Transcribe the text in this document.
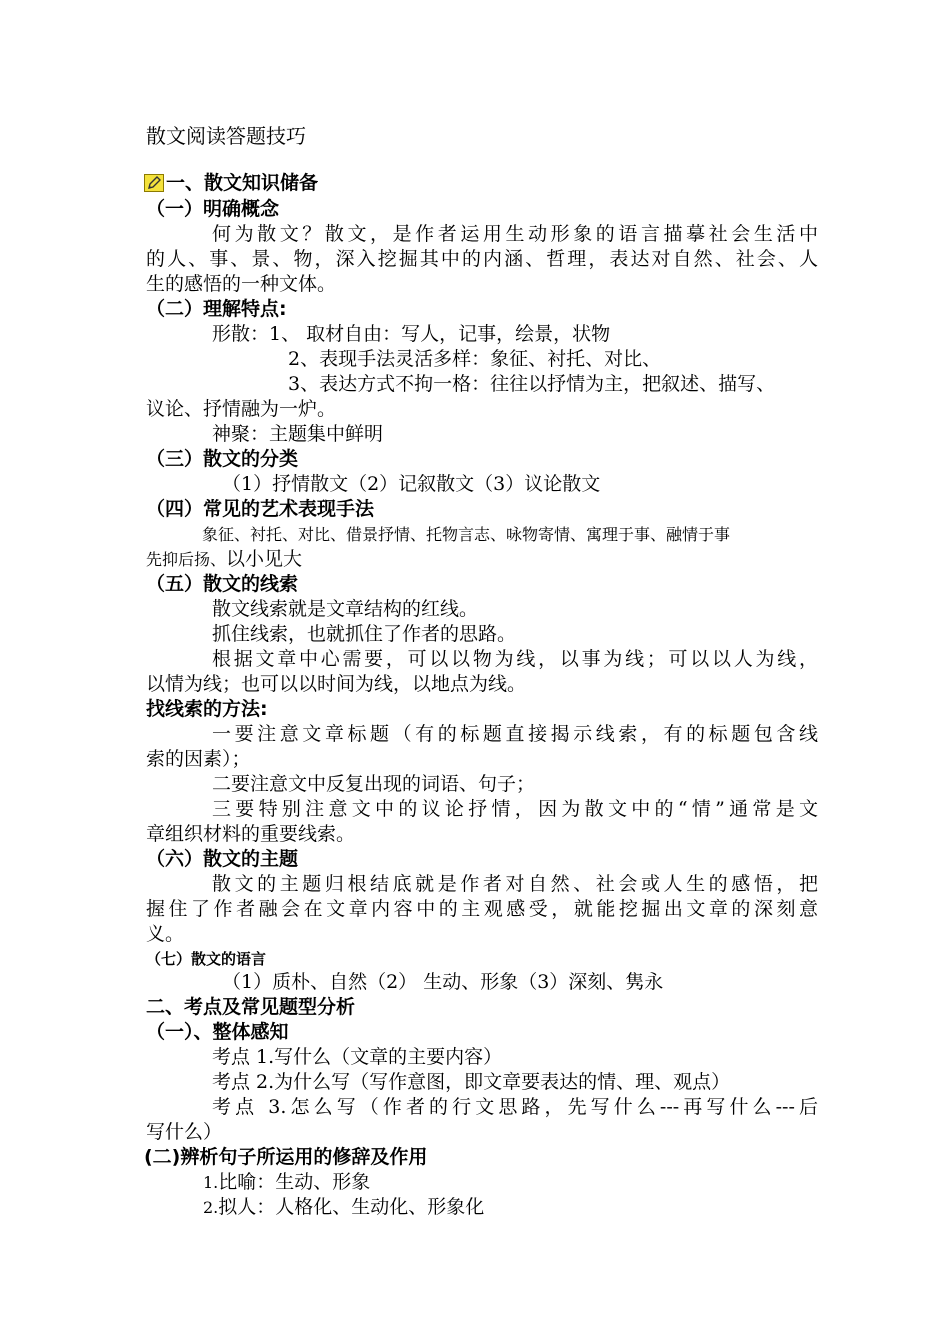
散文阅读答题技巧

一、散文知识储备

（一）明确概念

何为散文？散文，是作者运用生动形象的语言描摹社会生活中

的人、事、景、物，深入挖掘其中的内涵、哲理，表达对自然、社会、人

生的感悟的一种文体。

（二）理解特点:

形散：1、 取材自由：写人，记事，绘景，状物

2、表现手法灵活多样：象征、衬托、对比、

3、表达方式不拘一格：往往以抒情为主，把叙述、描写、

议论、抒情融为一炉。

神聚：主题集中鲜明

（三）散文的分类

（1）抒情散文（2）记叙散文（3）议论散文

（四）常见的艺术表现手法

象征、衬托、对比、借景抒情、托物言志、咏物寄情、寓理于事、融情于事

先抑后扬、以小见大

（五）散文的线索

散文线索就是文章结构的红线。

抓住线索，也就抓住了作者的思路。

根据文章中心需要，可以以物为线，以事为线；可以以人为线，

以情为线；也可以以时间为线，以地点为线。

找线索的方法:

一要注意文章标题（有的标题直接揭示线索，有的标题包含线

索的因素）；

二要注意文中反复出现的词语、句子；

三要特别注意文中的议论抒情，因为散文中的“情”通常是文

章组织材料的重要线索。

（六）散文的主题

散文的主题归根结底就是作者对自然、社会或人生的感悟，把

握住了作者融会在文章内容中的主观感受，就能挖掘出文章的深刻意

义。

（七）散文的语言

（1）质朴、自然（2） 生动、形象（3）深刻、隽永

二、考点及常见题型分析

（一）、整体感知

考点 1.写什么（文章的主要内容）

考点 2.为什么写（写作意图，即文章要表达的情、理、观点）

考点 3.怎么写（作者的行文思路，先写什么---再写什么---后

写什么）

(二)辨析句子所运用的修辞及作用

1.比喻：生动、形象

2.拟人：人格化、生动化、形象化
